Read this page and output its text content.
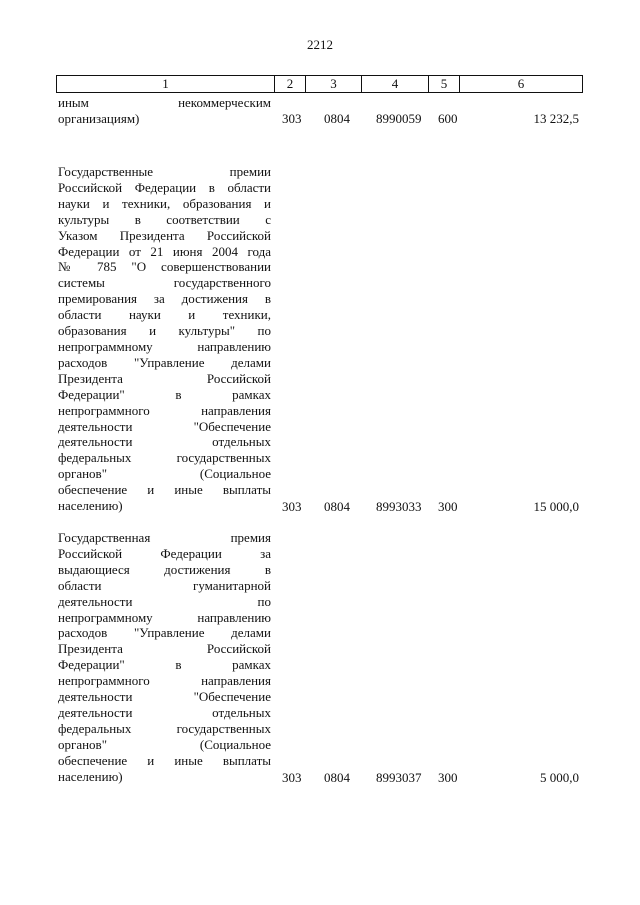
2212
1	2	3	4	5	6
иным некоммерческим
организациям)	303 0804 8990059 600	13 232,5
Государственные премии
Российской Федерации в области
науки и техники, образования и
культуры в соответствии с
Указом Президента Российской
Федерации от 21 июня 2004 года
№ 785 "О совершенствовании
системы государственного
премирования за достижения в
области науки и техники,
образования и культуры" по
непрограммному направлению
расходов "Управление делами
Президента Российской
Федерации" в рамках
непрограммного направления
деятельности "Обеспечение
деятельности отдельных
федеральных государственных
органов" (Социальное
обеспечение и иные выплаты
населению)	303 0804 8993033 300	15 000,0
Государственная премия
Российской Федерации за
выдающиеся достижения в
области гуманитарной
деятельности по
непрограммному направлению
расходов "Управление делами
Президента Российской
Федерации" в рамках
непрограммного направления
деятельности "Обеспечение
деятельности отдельных
федеральных государственных
органов" (Социальное
обеспечение и иные выплаты
населению)	303 0804 8993037 300	5 000,0
